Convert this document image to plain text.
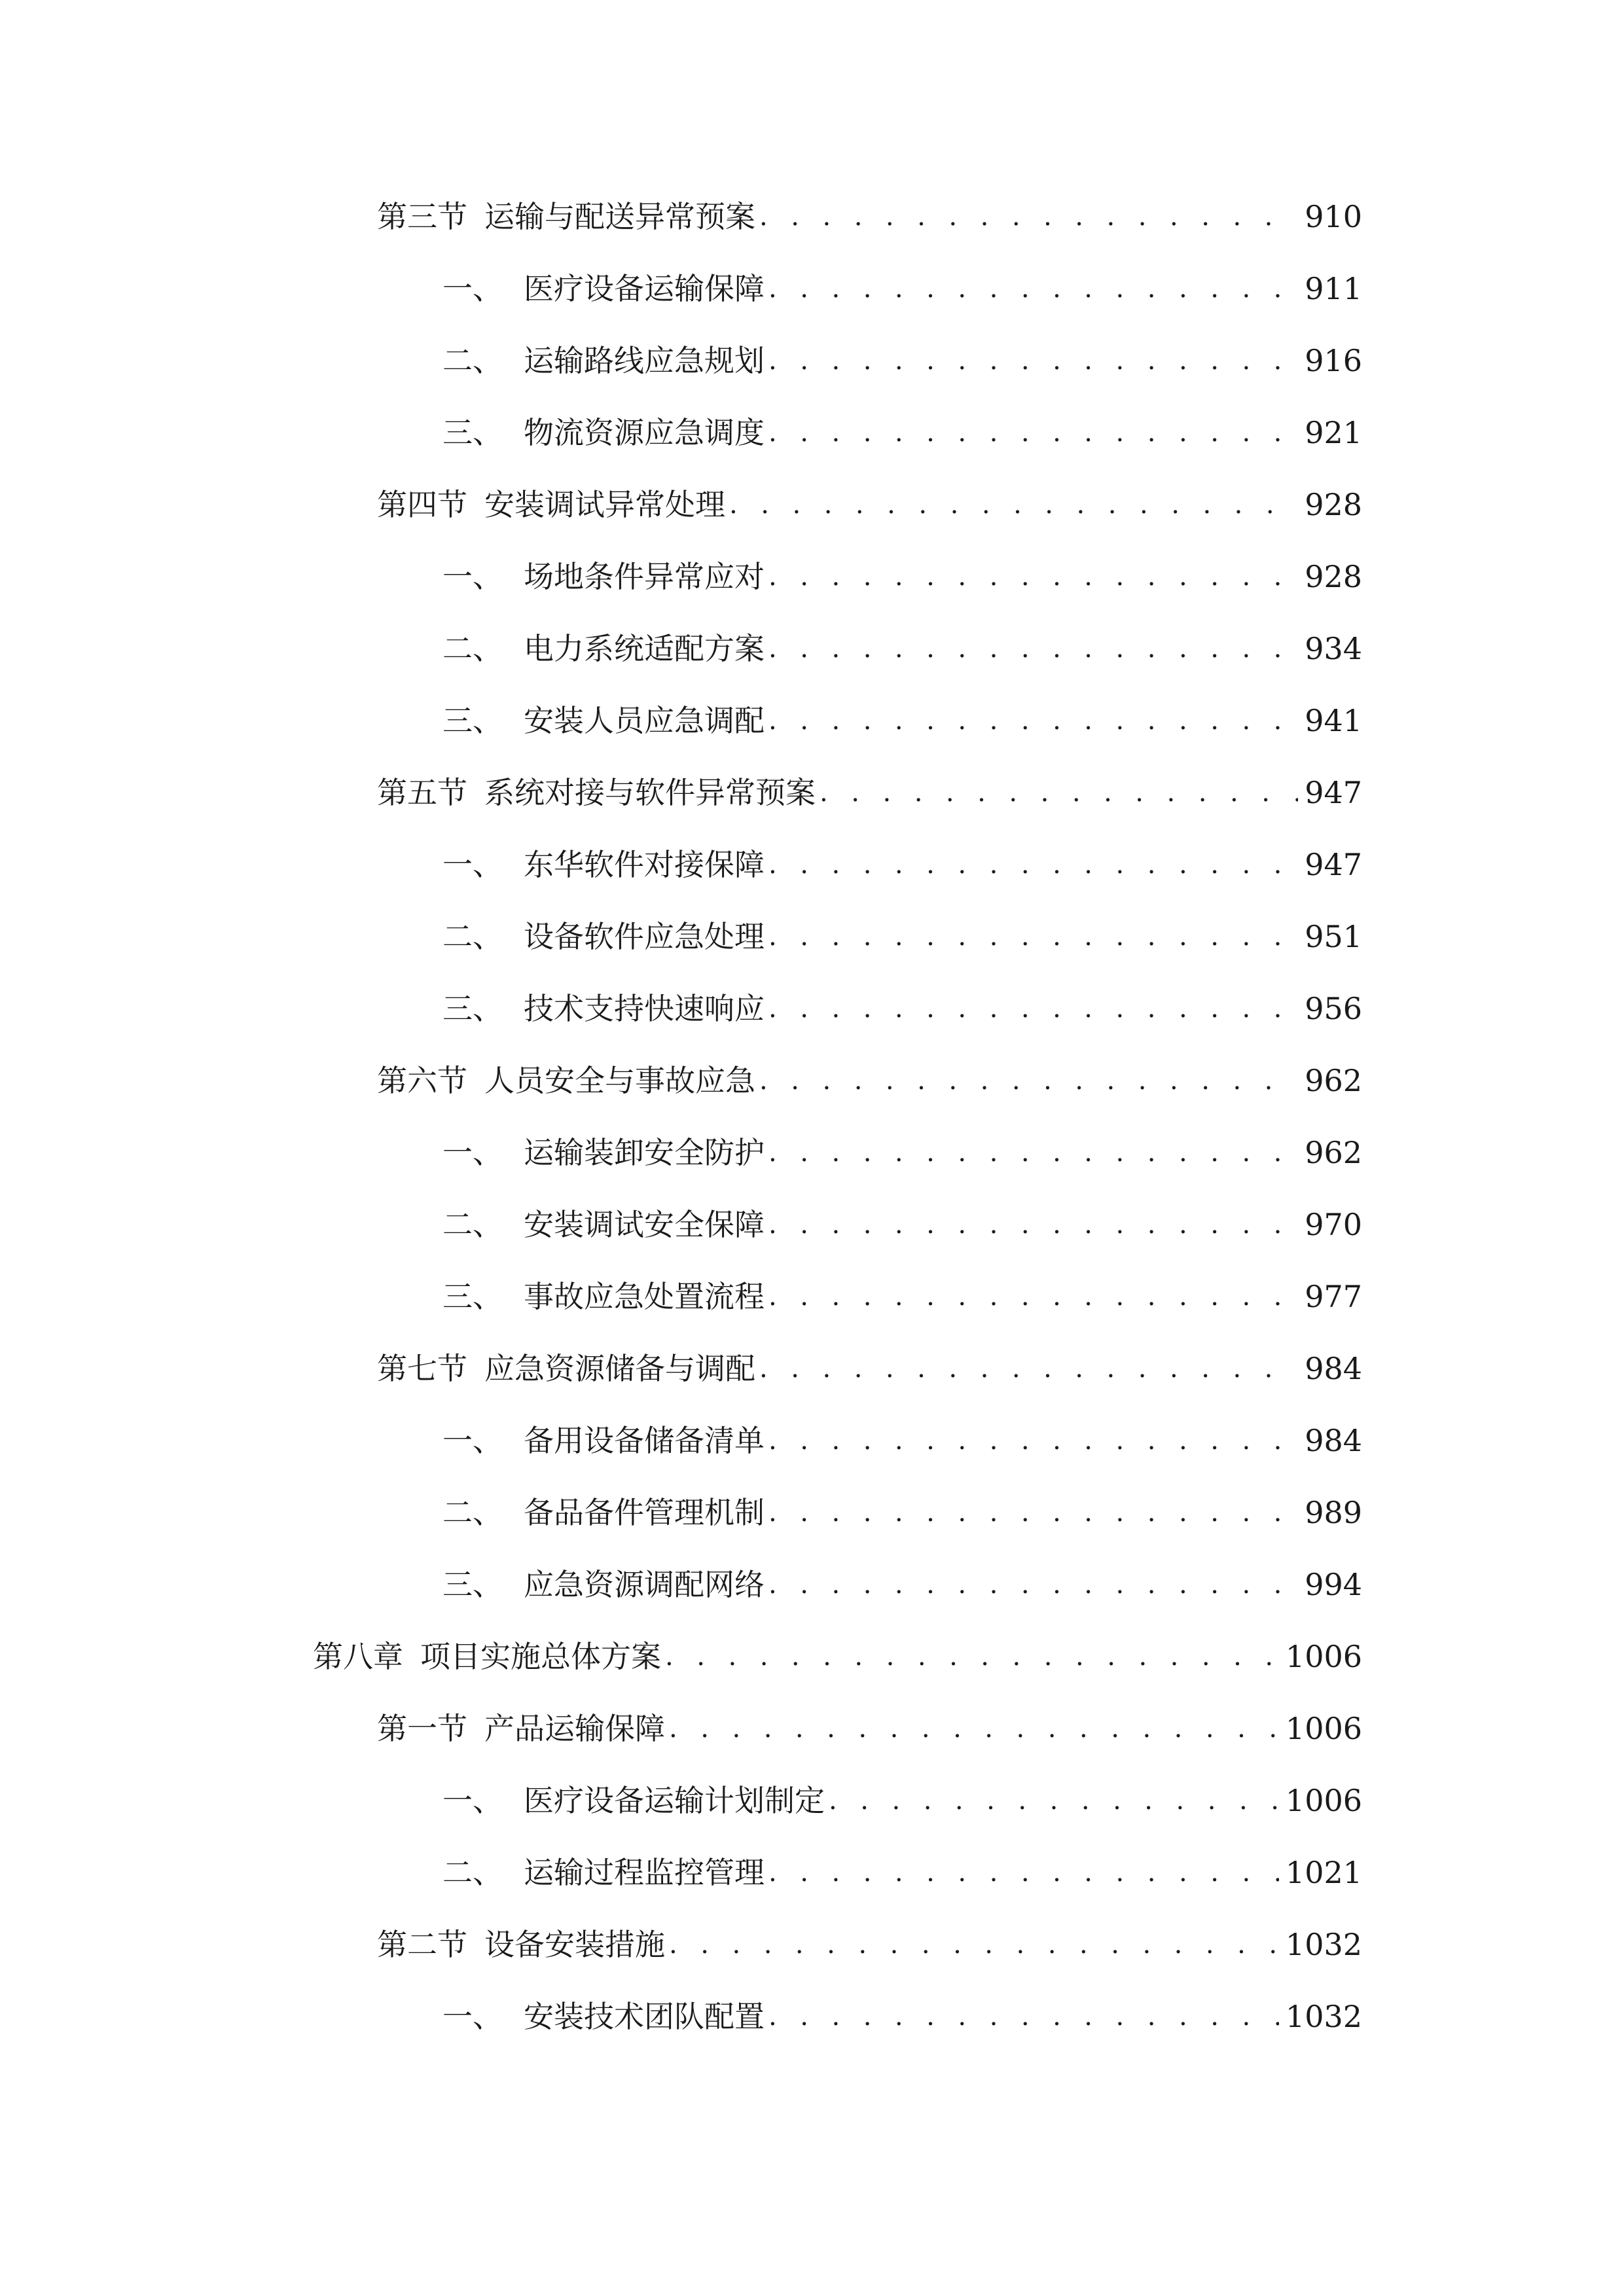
第三节 运输与配送异常预案 . . .	910
一、 医疗设备运输保障 . . .	911
二、 运输路线应急规划 . . .	916
三、 物流资源应急调度 . . .	921
第四节 安装调试异常处理 . . .	928
一、 场地条件异常应对 . . .	928
二、 电力系统适配方案 . . .	934
三、 安装人员应急调配 . . .	941
第五节 系统对接与软件异常预案 . . .	947
一、 东华软件对接保障 . . .	947
二、 设备软件应急处理 . . .	951
三、 技术支持快速响应 . . .	956
第六节 人员安全与事故应急 . . .	962
一、 运输装卸安全防护 . . .	962
二、 安装调试安全保障 . . .	970
三、 事故应急处置流程 . . .	977
第七节 应急资源储备与调配 . . .	984
一、 备用设备储备清单 . . .	984
二、 备品备件管理机制 . . .	989
三、 应急资源调配网络 . . .	994
第八章 项目实施总体方案 . . .	1006
第一节 产品运输保障 . . .	1006
一、 医疗设备运输计划制定 . . .	1006
二、 运输过程监控管理 . . .	1021
第二节 设备安装措施 . . .	1032
一、 安装技术团队配置 . . .	1032
